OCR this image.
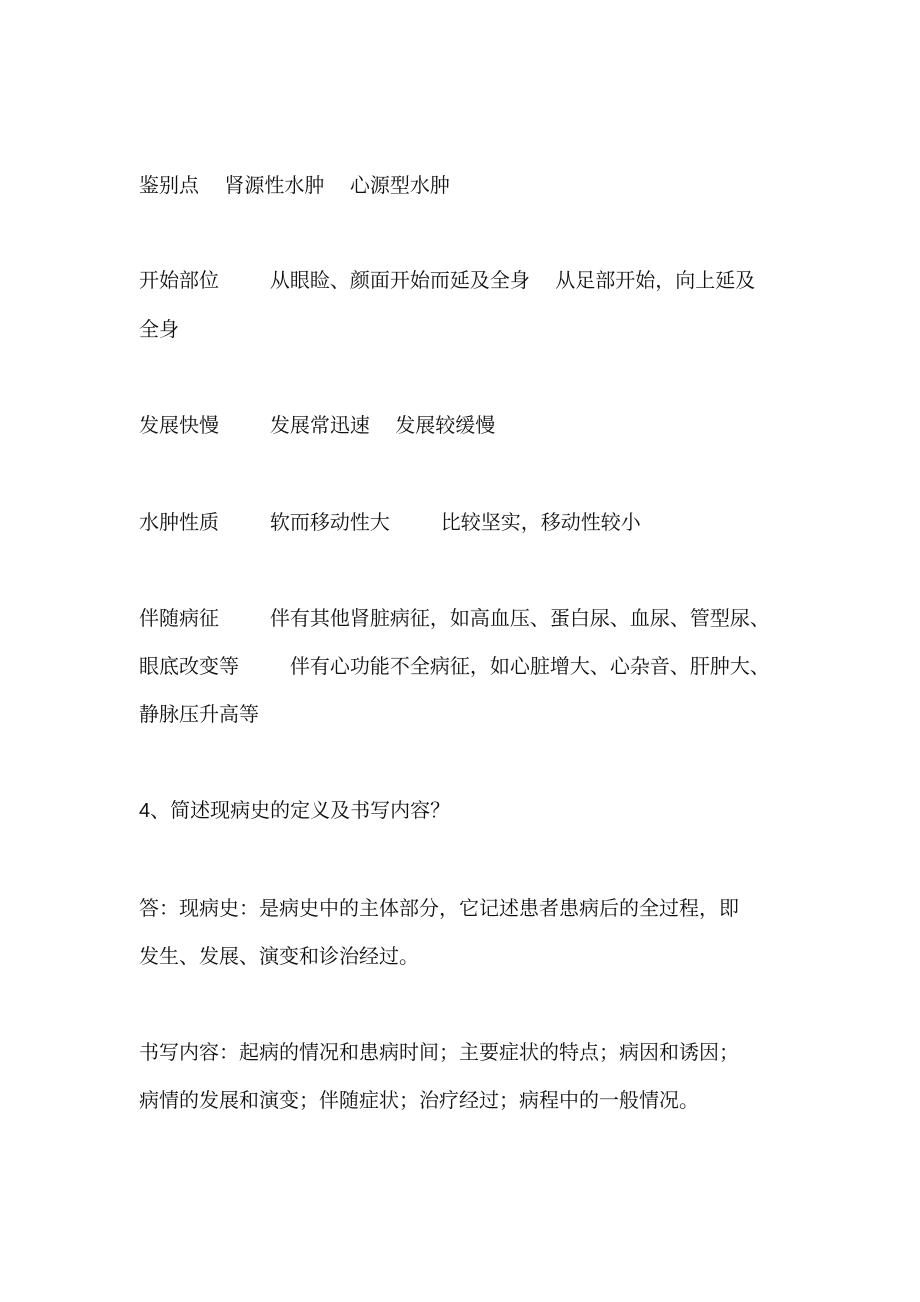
鉴别点    肾源性水肿    心源型水肿

开始部位        从眼睑、颜面开始而延及全身    从足部开始，向上延及

全身

发展快慢        发展常迅速    发展较缓慢

水肿性质        软而移动性大        比较坚实，移动性较小

伴随病征        伴有其他肾脏病征，如高血压、蛋白尿、血尿、管型尿、

眼底改变等        伴有心功能不全病征，如心脏增大、心杂音、肝肿大、

静脉压升高等

4、简述现病史的定义及书写内容？

答：现病史：是病史中的主体部分，它记述患者患病后的全过程，即

发生、发展、演变和诊治经过。

书写内容：起病的情况和患病时间；主要症状的特点；病因和诱因；

病情的发展和演变；伴随症状；治疗经过；病程中的一般情况。
